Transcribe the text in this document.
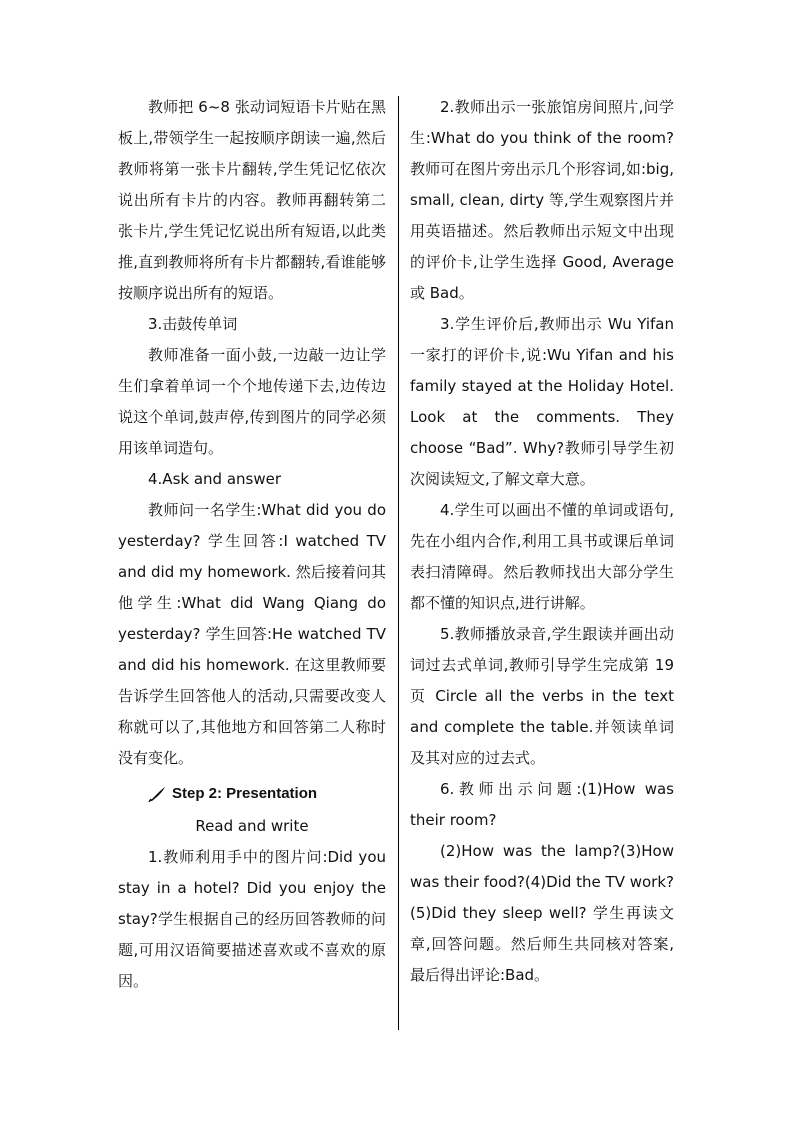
教师把 6~8 张动词短语卡片贴在黑板上,带领学生一起按顺序朗读一遍,然后教师将第一张卡片翻转,学生凭记忆依次说出所有卡片的内容。教师再翻转第二张卡片,学生凭记忆说出所有短语,以此类推,直到教师将所有卡片都翻转,看谁能够按顺序说出所有的短语。

3.击鼓传单词

教师准备一面小鼓,一边敲一边让学生们拿着单词一个个地传递下去,边传边说这个单词,鼓声停,传到图片的同学必须用该单词造句。

4.Ask and answer

教师问一名学生:What did you do yesterday? 学生回答:I watched TV and did my homework. 然后接着问其他学生:What did Wang Qiang do yesterday? 学生回答:He watched TV and did his homework. 在这里教师要告诉学生回答他人的活动,只需要改变人称就可以了,其他地方和回答第二人称时没有变化。

Step 2: Presentation

Read and write

1.教师利用手中的图片问:Did you stay in a hotel? Did you enjoy the stay?学生根据自己的经历回答教师的问题,可用汉语简要描述喜欢或不喜欢的原因。

2.教师出示一张旅馆房间照片,问学生:What do you think of the room? 教师可在图片旁出示几个形容词,如:big, small, clean, dirty 等,学生观察图片并用英语描述。然后教师出示短文中出现的评价卡,让学生选择 Good, Average 或 Bad。

3.学生评价后,教师出示 Wu Yifan 一家打的评价卡,说:Wu Yifan and his family stayed at the Holiday Hotel. Look at the comments. They choose “Bad”. Why?教师引导学生初次阅读短文,了解文章大意。

4.学生可以画出不懂的单词或语句,先在小组内合作,利用工具书或课后单词表扫清障碍。然后教师找出大部分学生都不懂的知识点,进行讲解。

5.教师播放录音,学生跟读并画出动词过去式单词,教师引导学生完成第 19 页 Circle all the verbs in the text and complete the table.并领读单词及其对应的过去式。

6.教师出示问题:(1)How was their room?

(2)How was the lamp?(3)How was their food?(4)Did the TV work?(5)Did they sleep well? 学生再读文章,回答问题。然后师生共同核对答案,最后得出评论:Bad。
